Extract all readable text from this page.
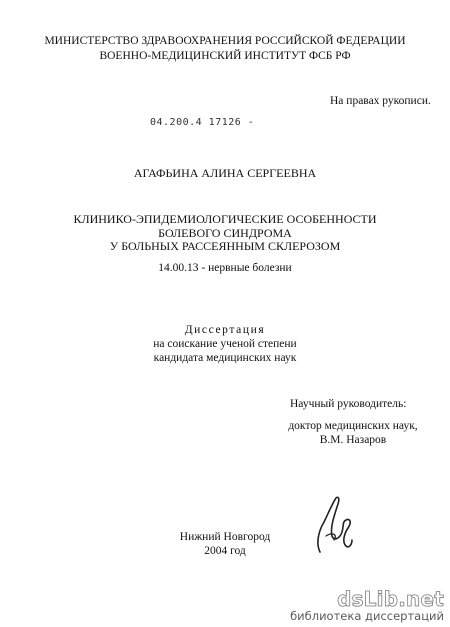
МИНИСТЕРСТВО ЗДРАВООХРАНЕНИЯ РОССИЙСКОЙ ФЕДЕРАЦИИ
ВОЕННО-МЕДИЦИНСКИЙ ИНСТИТУТ ФСБ РФ
На правах рукописи.
04.200.4 17126 -
АГАФЬИНА АЛИНА СЕРГЕЕВНА
КЛИНИКО-ЭПИДЕМИОЛОГИЧЕСКИЕ ОСОБЕННОСТИ
БОЛЕВОГО СИНДРОМА
У БОЛЬНЫХ РАССЕЯННЫМ СКЛЕРОЗОМ
14.00.13 - нервные болезни
Диссертация
на соискание ученой степени
кандидата медицинских наук
Научный руководитель:
доктор медицинских наук,
В.М. Назаров
Нижний Новгород
2004 год
dsLib.net
библиотека диссертаций
